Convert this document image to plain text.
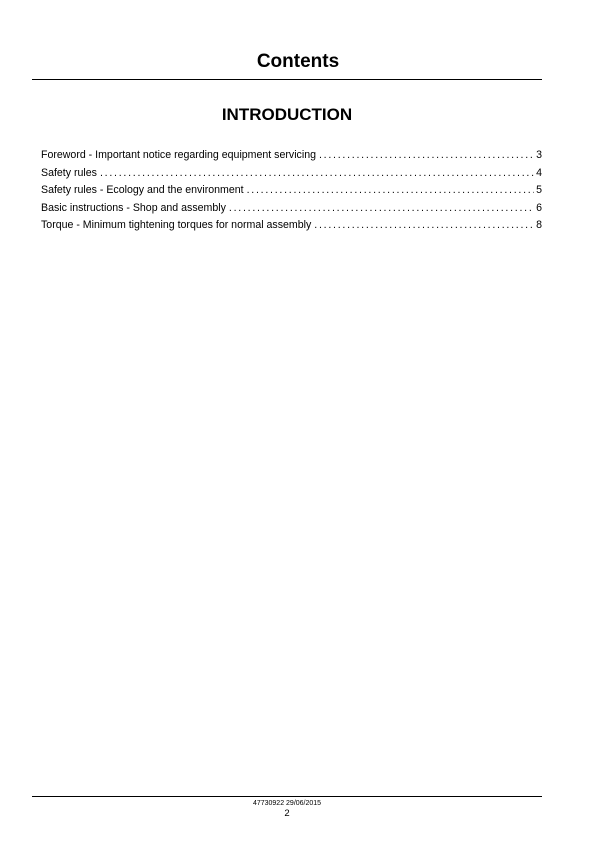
Contents
INTRODUCTION
Foreword - Important notice regarding equipment servicing . . .	3
Safety rules . . .	4
Safety rules - Ecology and the environment . . .	5
Basic instructions - Shop and assembly . . .	6
Torque - Minimum tightening torques for normal assembly . . .	8
47730922 29/06/2015
2
